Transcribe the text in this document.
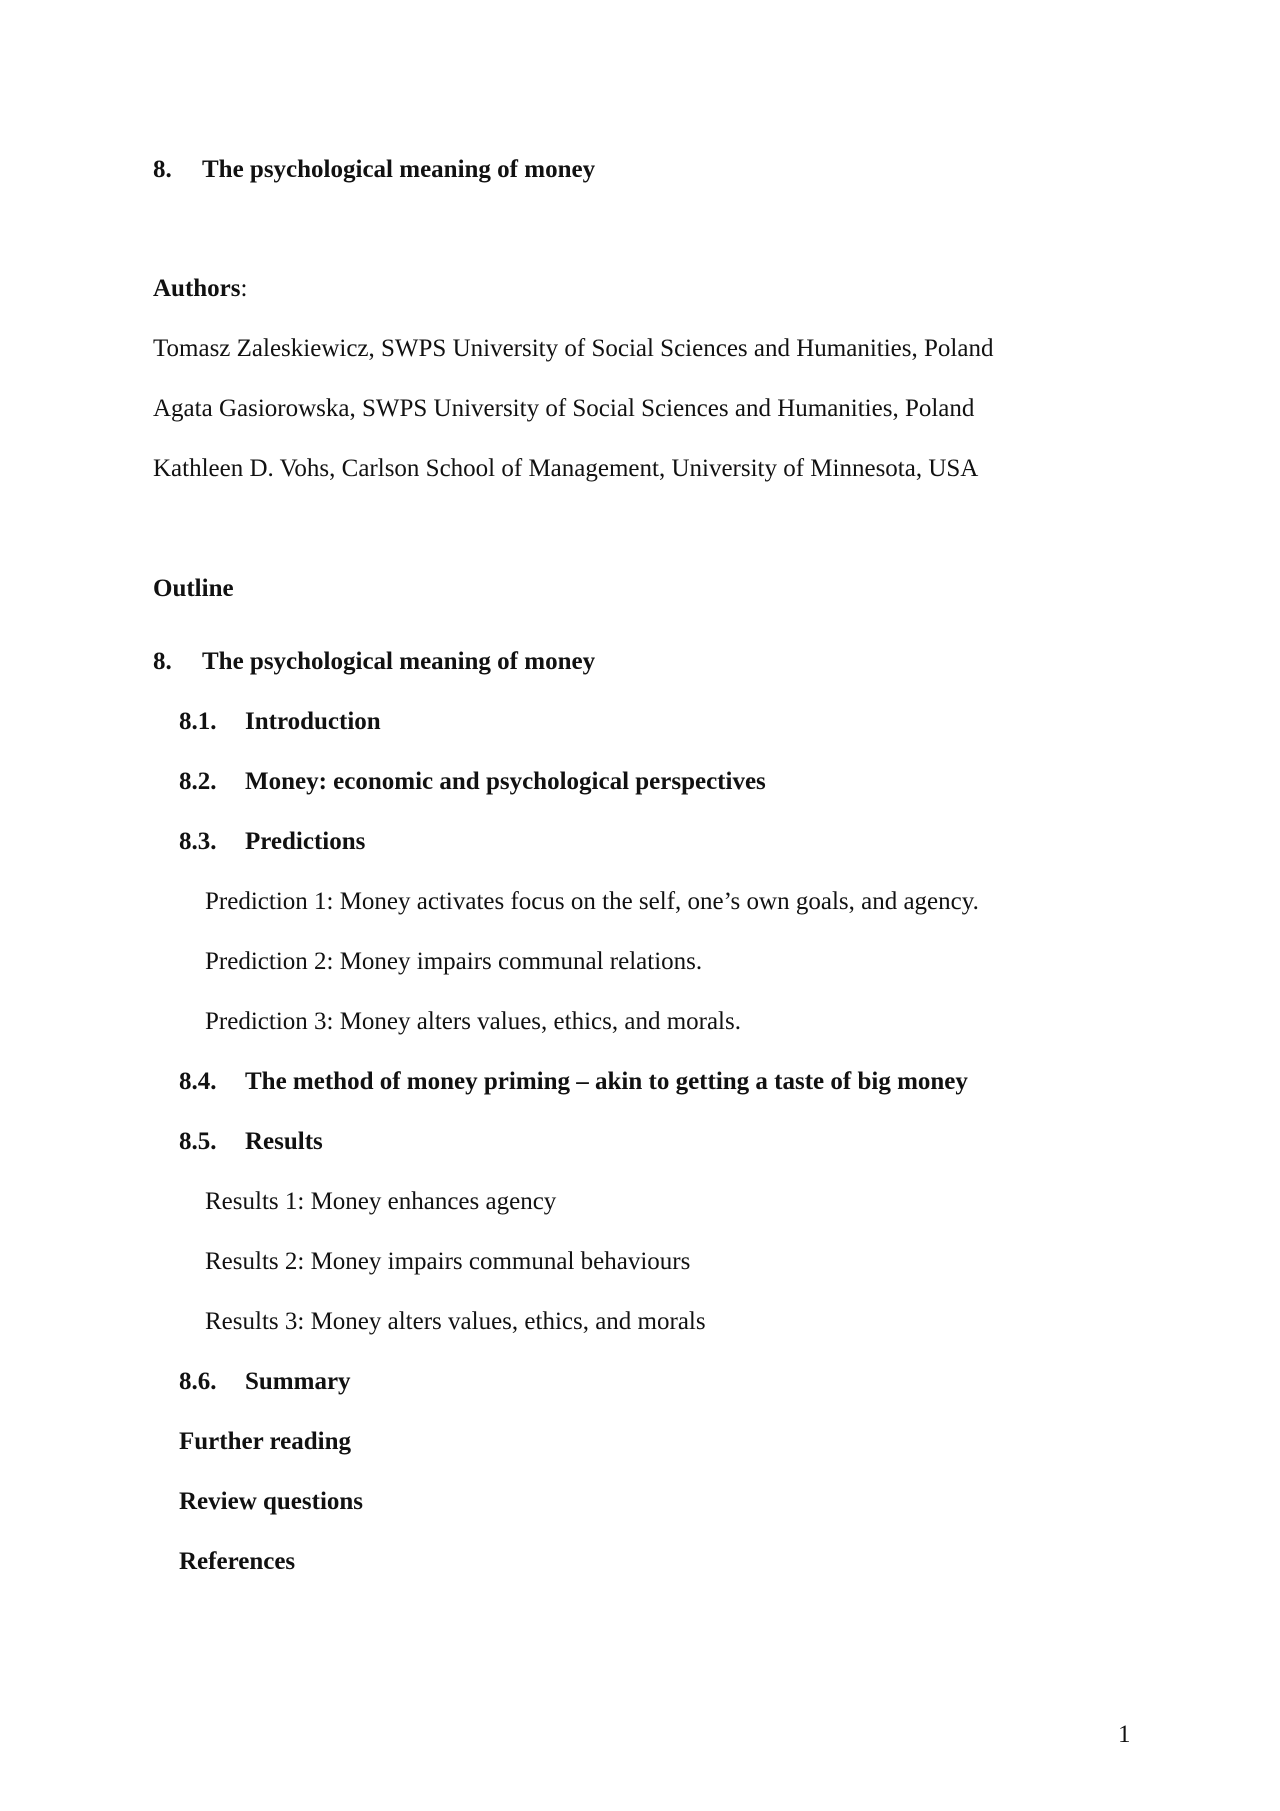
8. The psychological meaning of money
Authors:
Tomasz Zaleskiewicz, SWPS University of Social Sciences and Humanities, Poland
Agata Gasiorowska, SWPS University of Social Sciences and Humanities, Poland
Kathleen D. Vohs, Carlson School of Management, University of Minnesota, USA
Outline
8. The psychological meaning of money
8.1. Introduction
8.2. Money: economic and psychological perspectives
8.3. Predictions
Prediction 1: Money activates focus on the self, one’s own goals, and agency.
Prediction 2: Money impairs communal relations.
Prediction 3: Money alters values, ethics, and morals.
8.4. The method of money priming – akin to getting a taste of big money
8.5. Results
Results 1: Money enhances agency
Results 2: Money impairs communal behaviours
Results 3: Money alters values, ethics, and morals
8.6. Summary
Further reading
Review questions
References
1
